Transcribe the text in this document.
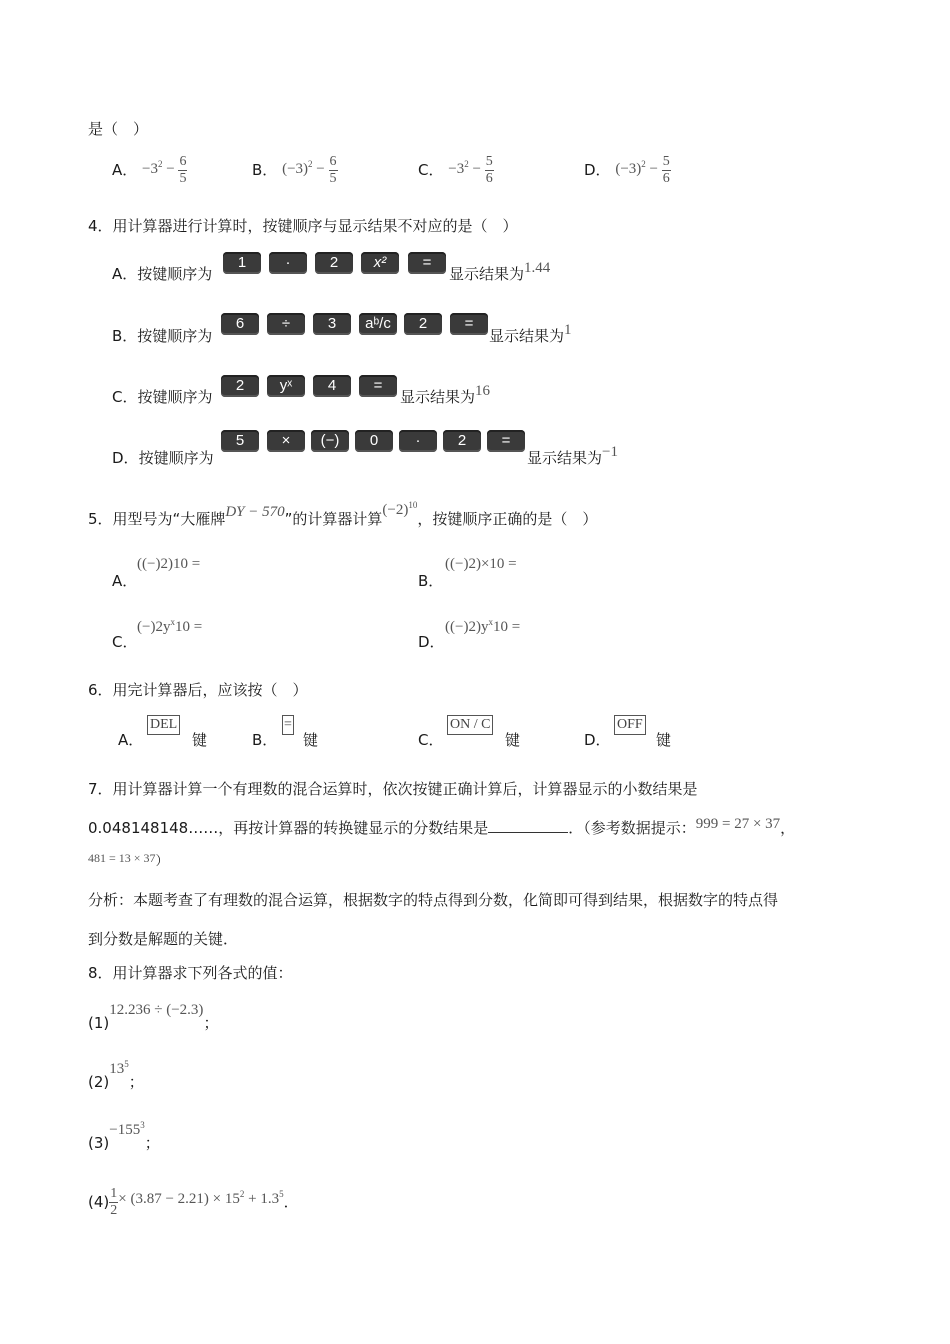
是（　）
A． $-3^2 - \frac{6}{5}$	B． $(-3)^2 - \frac{6}{5}$	C． $-3^2 - \frac{5}{6}$	D． $(-3)^2 - \frac{5}{6}$
4．用计算器进行计算时，按键顺序与显示结果不对应的是（　）
A．按键顺序为
1	·	2	x²	=
显示结果为1.44
B．按键顺序为
6	÷	3	aᵇ/c	2	=
显示结果为1
C．按键顺序为
2	yˣ	4	=
显示结果为16
D．按键顺序为
5	×	(−)	0	·	2	=
显示结果为−1
5．用型号为“大雁牌DY − 570”的计算器计算$(-2)^{10}$，按键顺序正确的是（　）
A．
((−)2)10 =
B．
((−)2)×10 =
C．
$(-)2y^x10$ =
D．
$((-)2)y^x10$ =
6．用完计算器后，应该按（　）
A．
DEL
键	B．
=
键	C．
ON / C
键	D．
OFF
键
7．用计算器计算一个有理数的混合运算时，依次按键正确计算后，计算器显示的小数结果是
0.048148148……，再按计算器的转换键显示的分数结果是	．（参考数据提示：999 = 27 × 37，
$^{481 = 13 \times 37}$）
分析：本题考查了有理数的混合运算，根据数字的特点得到分数，化简即可得到结果，根据数字的特点得
到分数是解题的关键．
8．用计算器求下列各式的值：
(1)12.236 ÷ (−2.3)；
$(2)13^5$；
$(3)-155^3$；
$(4) \frac{1}{2} \times (3.87 - 2.21) \times 15^2 + 1.3^5$．
